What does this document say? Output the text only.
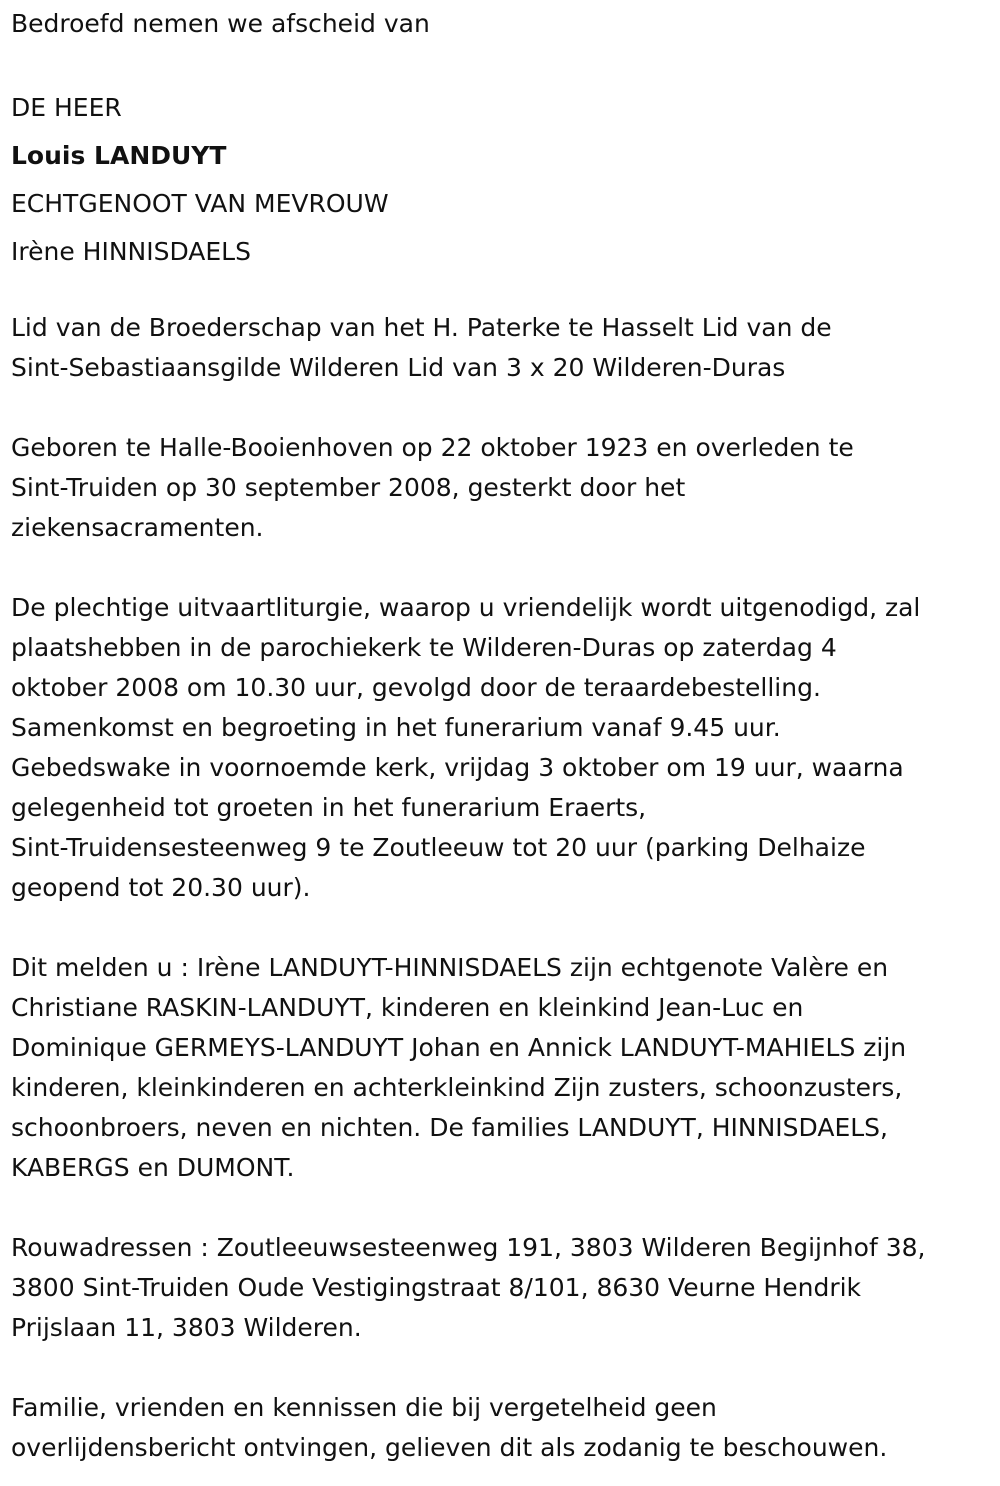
Bedroefd nemen we afscheid van

DE HEER

Louis LANDUYT

ECHTGENOOT VAN MEVROUW

Irène HINNISDAELS

Lid van de Broederschap van het H. Paterke te Hasselt Lid van de

Sint-Sebastiaansgilde Wilderen Lid van 3 x 20 Wilderen-Duras

Geboren te Halle-Booienhoven op 22 oktober 1923 en overleden te

Sint-Truiden op 30 september 2008, gesterkt door het

ziekensacramenten.

De plechtige uitvaartliturgie, waarop u vriendelijk wordt uitgenodigd, zal

plaatshebben in de parochiekerk te Wilderen-Duras op zaterdag 4

oktober 2008 om 10.30 uur, gevolgd door de teraardebestelling.

Samenkomst en begroeting in het funerarium vanaf 9.45 uur.

Gebedswake in voornoemde kerk, vrijdag 3 oktober om 19 uur, waarna

gelegenheid tot groeten in het funerarium Eraerts,

Sint-Truidensesteenweg 9 te Zoutleeuw tot 20 uur (parking Delhaize

geopend tot 20.30 uur).

Dit melden u : Irène LANDUYT-HINNISDAELS zijn echtgenote Valère en

Christiane RASKIN-LANDUYT, kinderen en kleinkind Jean-Luc en

Dominique GERMEYS-LANDUYT Johan en Annick LANDUYT-MAHIELS zijn

kinderen, kleinkinderen en achterkleinkind Zijn zusters, schoonzusters,

schoonbroers, neven en nichten. De families LANDUYT, HINNISDAELS,

KABERGS en DUMONT.

Rouwadressen : Zoutleeuwsesteenweg 191, 3803 Wilderen Begijnhof 38,

3800 Sint-Truiden Oude Vestigingstraat 8/101, 8630 Veurne Hendrik

Prijslaan 11, 3803 Wilderen.

Familie, vrienden en kennissen die bij vergetelheid geen

overlijdensbericht ontvingen, gelieven dit als zodanig te beschouwen.
